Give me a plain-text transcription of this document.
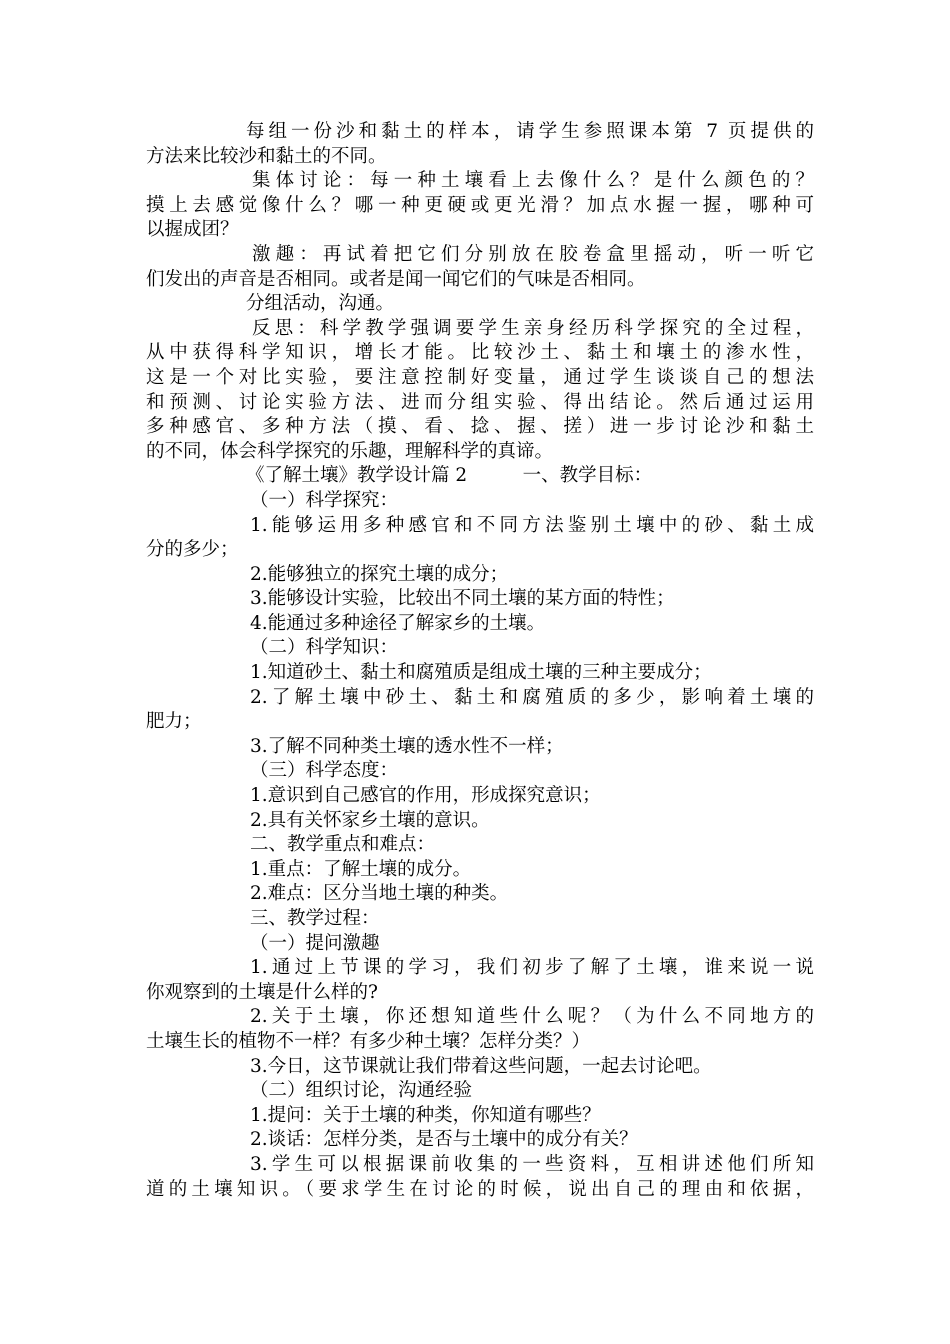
每组一份沙和黏土的样本，请学生参照课本第 7 页提供的
方法来比较沙和黏土的不同。
集体讨论：每一种土壤看上去像什么？是什么颜色的？
摸上去感觉像什么？哪一种更硬或更光滑？加点水握一握，哪种可
以握成团？
激趣：再试着把它们分别放在胶卷盒里摇动，听一听它
们发出的声音是否相同。或者是闻一闻它们的气味是否相同。
分组活动，沟通。
反思：科学教学强调要学生亲身经历科学探究的全过程，
从中获得科学知识，增长才能。比较沙土、黏土和壤土的渗水性，
这是一个对比实验，要注意控制好变量，通过学生谈谈自己的想法
和预测、讨论实验方法、进而分组实验、得出结论。然后通过运用
多种感官、多种方法（摸、看、捻、握、搓）进一步讨论沙和黏土
的不同，体会科学探究的乐趣，理解科学的真谛。
《了解土壤》教学设计篇 2　　　一、教学目标：
（一）科学探究：
1.能够运用多种感官和不同方法鉴别土壤中的砂、黏土成
分的多少；
2.能够独立的探究土壤的成分；
3.能够设计实验，比较出不同土壤的某方面的特性；
4.能通过多种途径了解家乡的土壤。
（二）科学知识：
1.知道砂土、黏土和腐殖质是组成土壤的三种主要成分；
2.了解土壤中砂土、黏土和腐殖质的多少，影响着土壤的
肥力；
3.了解不同种类土壤的透水性不一样；
（三）科学态度：
1.意识到自己感官的作用，形成探究意识；
2.具有关怀家乡土壤的意识。
二、教学重点和难点：
1.重点：了解土壤的成分。
2.难点：区分当地土壤的种类。
三、教学过程：
（一）提问激趣
1.通过上节课的学习，我们初步了解了土壤，谁来说一说
你观察到的土壤是什么样的?
2.关于土壤，你还想知道些什么呢？（为什么不同地方的
土壤生长的植物不一样？有多少种土壤？怎样分类？）
3.今日，这节课就让我们带着这些问题，一起去讨论吧。
（二）组织讨论，沟通经验
1.提问：关于土壤的种类，你知道有哪些？
2.谈话：怎样分类，是否与土壤中的成分有关？
3.学生可以根据课前收集的一些资料，互相讲述他们所知
道的土壤知识。（要求学生在讨论的时候，说出自己的理由和依据，
